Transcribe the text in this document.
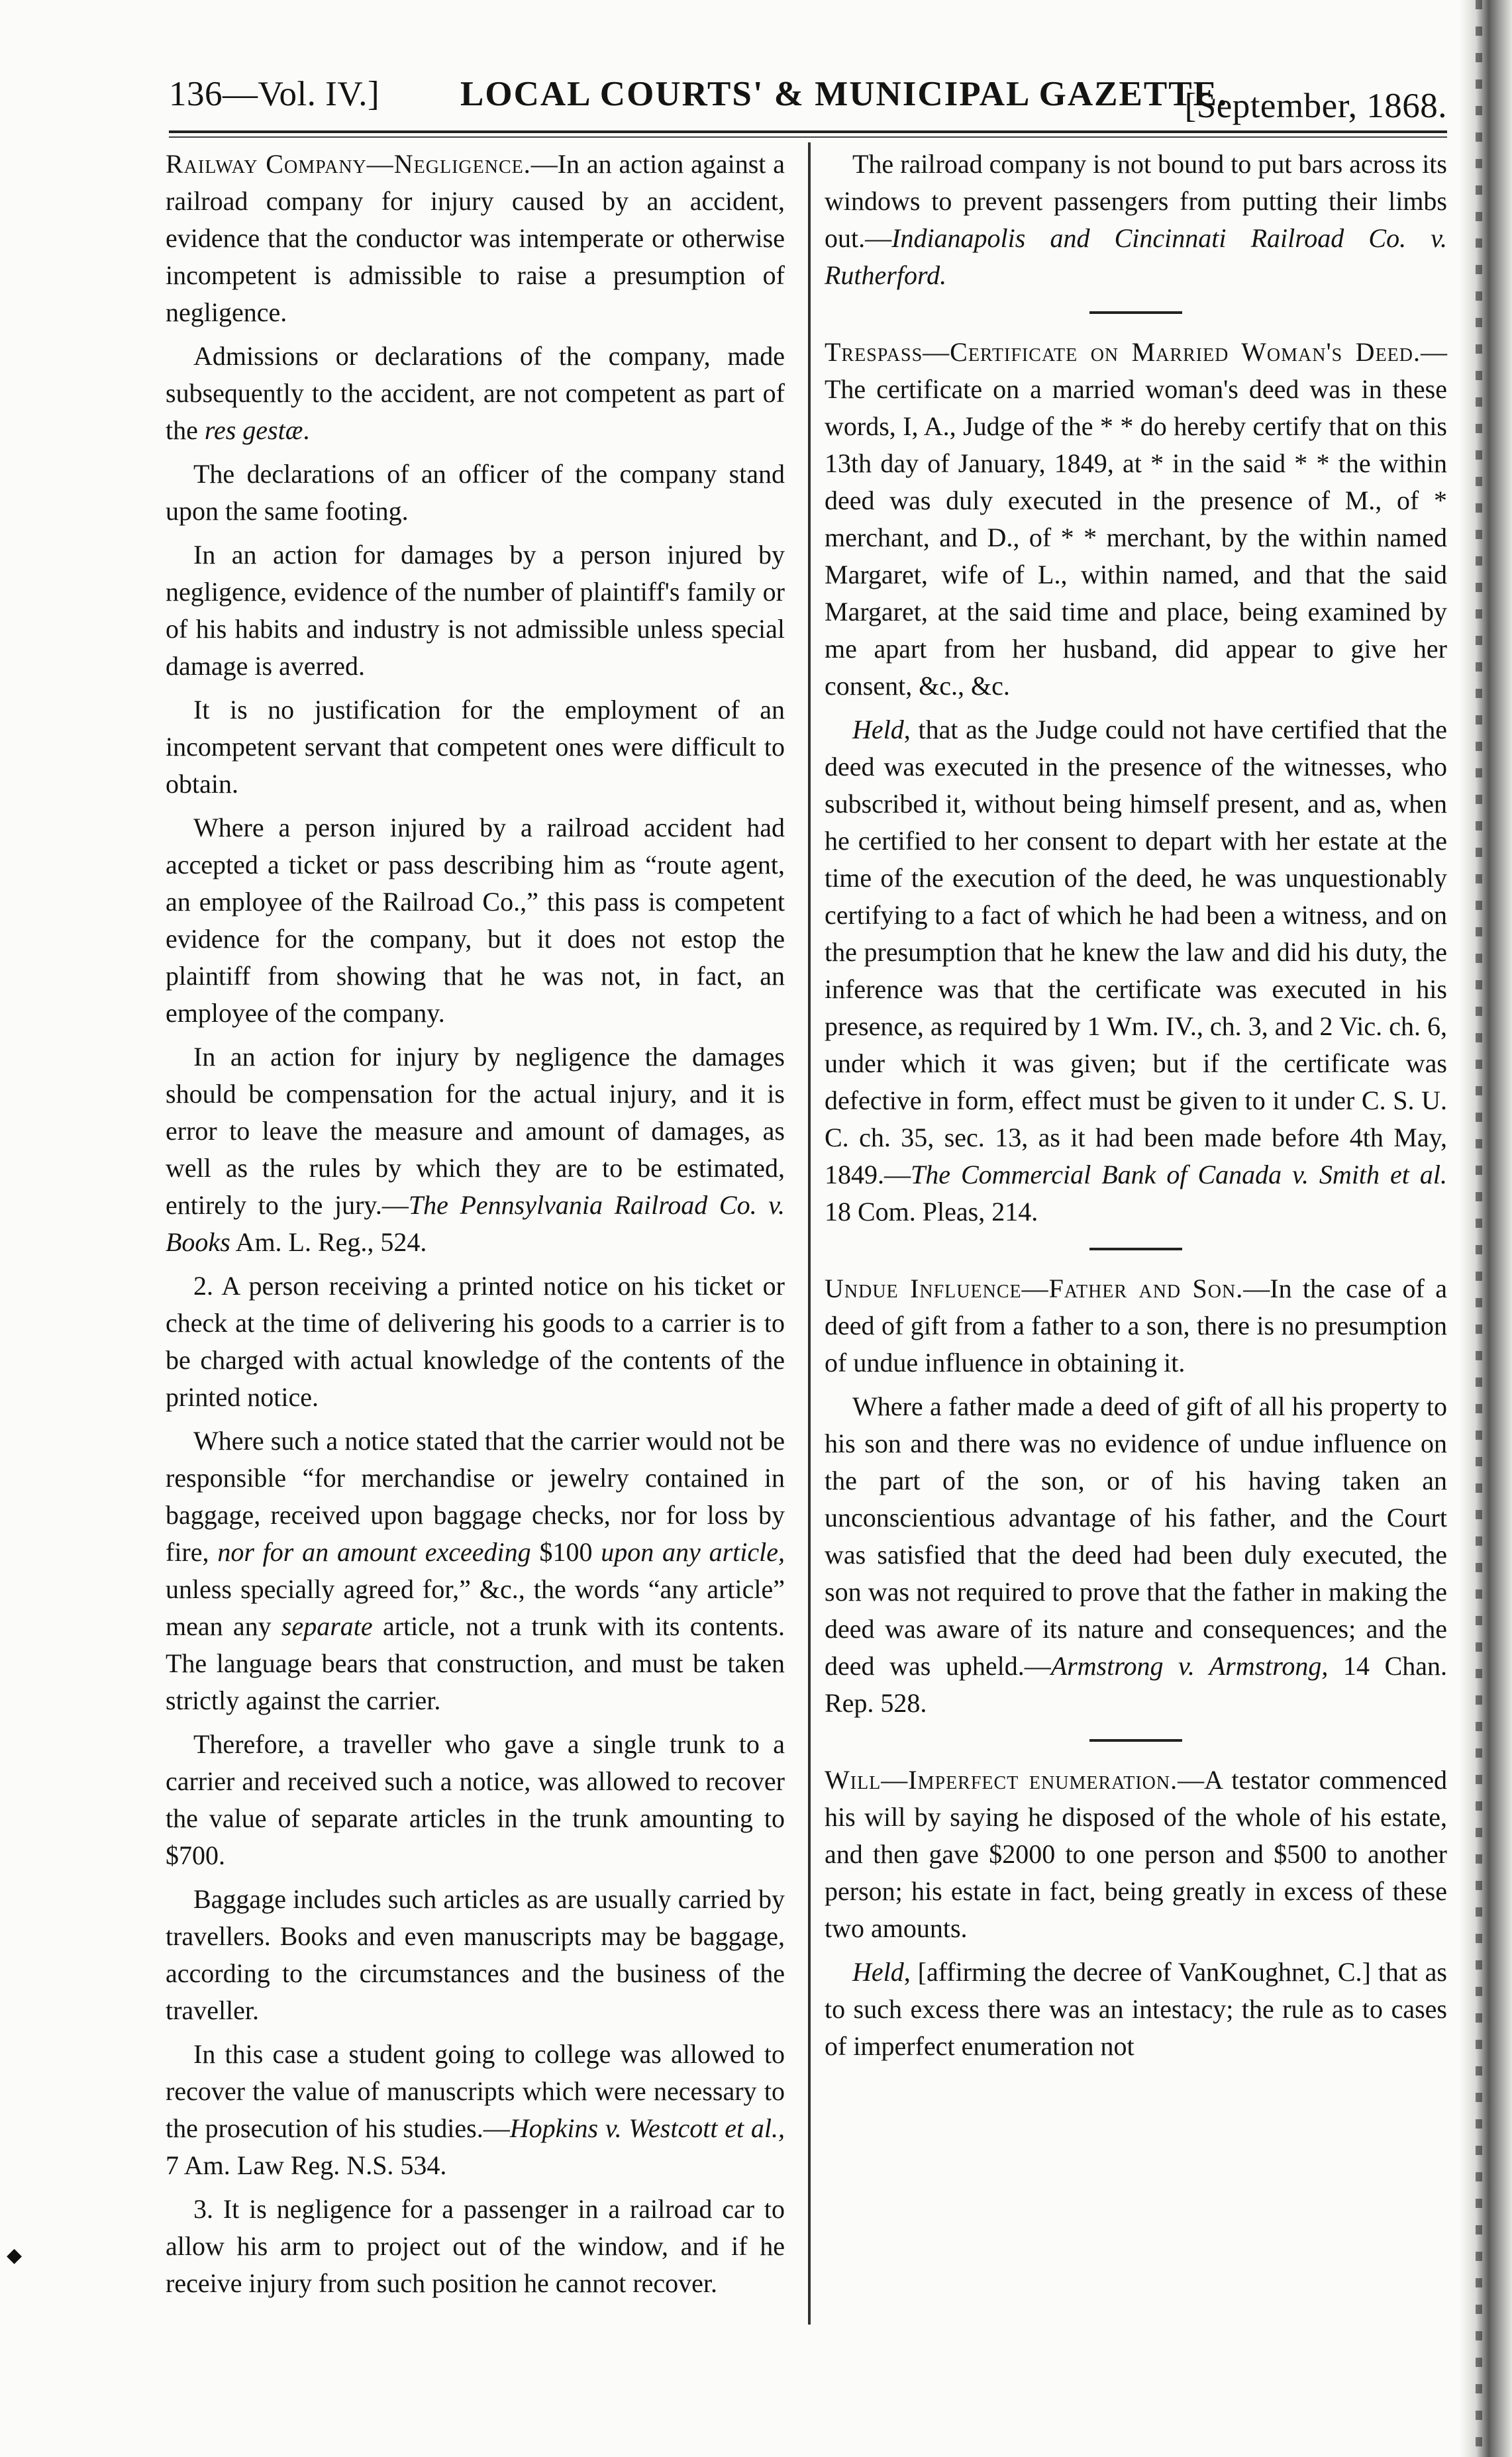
136—Vol. IV.] LOCAL COURTS' & MUNICIPAL GAZETTE.
[September, 1868.

Railway Company—Negligence.—In an action against a railroad company for injury caused by an accident, evidence that the conductor was intemperate or otherwise incompetent is admissible to raise a presumption of negligence.

Admissions or declarations of the company, made subsequently to the accident, are not competent as part of the res gestæ.

The declarations of an officer of the company stand upon the same footing.

In an action for damages by a person injured by negligence, evidence of the number of plaintiff's family or of his habits and industry is not admissible unless special damage is averred.

It is no justification for the employment of an incompetent servant that competent ones were difficult to obtain.

Where a person injured by a railroad accident had accepted a ticket or pass describing him as “route agent, an employee of the Railroad Co.,” this pass is competent evidence for the company, but it does not estop the plaintiff from showing that he was not, in fact, an employee of the company.

In an action for injury by negligence the damages should be compensation for the actual injury, and it is error to leave the measure and amount of damages, as well as the rules by which they are to be estimated, entirely to the jury.—The Pennsylvania Railroad Co. v. Books Am. L. Reg., 524.

2. A person receiving a printed notice on his ticket or check at the time of delivering his goods to a carrier is to be charged with actual knowledge of the contents of the printed notice.

Where such a notice stated that the carrier would not be responsible “for merchandise or jewelry contained in baggage, received upon baggage checks, nor for loss by fire, nor for an amount exceeding $100 upon any article, unless specially agreed for,” &c., the words “any article” mean any separate article, not a trunk with its contents. The language bears that construction, and must be taken strictly against the carrier.

Therefore, a traveller who gave a single trunk to a carrier and received such a notice, was allowed to recover the value of separate articles in the trunk amounting to $700.

Baggage includes such articles as are usually carried by travellers. Books and even manuscripts may be baggage, according to the circumstances and the business of the traveller.

In this case a student going to college was allowed to recover the value of manuscripts which were necessary to the prosecution of his studies.—Hopkins v. Westcott et al., 7 Am. Law Reg. N.S. 534.

3. It is negligence for a passenger in a railroad car to allow his arm to project out of the window, and if he receive injury from such position he cannot recover.

The railroad company is not bound to put bars across its windows to prevent passengers from putting their limbs out.—Indianapolis and Cincinnati Railroad Co. v. Rutherford.

Trespass—Certificate on Married Woman's Deed.—The certificate on a married woman's deed was in these words, I, A., Judge of the * * do hereby certify that on this 13th day of January, 1849, at * in the said * * the within deed was duly executed in the presence of M., of * merchant, and D., of * * merchant, by the within named Margaret, wife of L., within named, and that the said Margaret, at the said time and place, being examined by me apart from her husband, did appear to give her consent, &c., &c.

Held, that as the Judge could not have certified that the deed was executed in the presence of the witnesses, who subscribed it, without being himself present, and as, when he certified to her consent to depart with her estate at the time of the execution of the deed, he was unquestionably certifying to a fact of which he had been a witness, and on the presumption that he knew the law and did his duty, the inference was that the certificate was executed in his presence, as required by 1 Wm. IV., ch. 3, and 2 Vic. ch. 6, under which it was given; but if the certificate was defective in form, effect must be given to it under C. S. U. C. ch. 35, sec. 13, as it had been made before 4th May, 1849.—The Commercial Bank of Canada v. Smith et al. 18 Com. Pleas, 214.

Undue Influence—Father and Son.—In the case of a deed of gift from a father to a son, there is no presumption of undue influence in obtaining it.

Where a father made a deed of gift of all his property to his son and there was no evidence of undue influence on the part of the son, or of his having taken an unconscientious advantage of his father, and the Court was satisfied that the deed had been duly executed, the son was not required to prove that the father in making the deed was aware of its nature and consequences; and the deed was upheld.—Armstrong v. Armstrong, 14 Chan. Rep. 528.

Will—Imperfect enumeration.—A testator commenced his will by saying he disposed of the whole of his estate, and then gave $2000 to one person and $500 to another person; his estate in fact, being greatly in excess of these two amounts.

Held, [affirming the decree of VanKoughnet, C.] that as to such excess there was an intestacy; the rule as to cases of imperfect enumeration not

◆
